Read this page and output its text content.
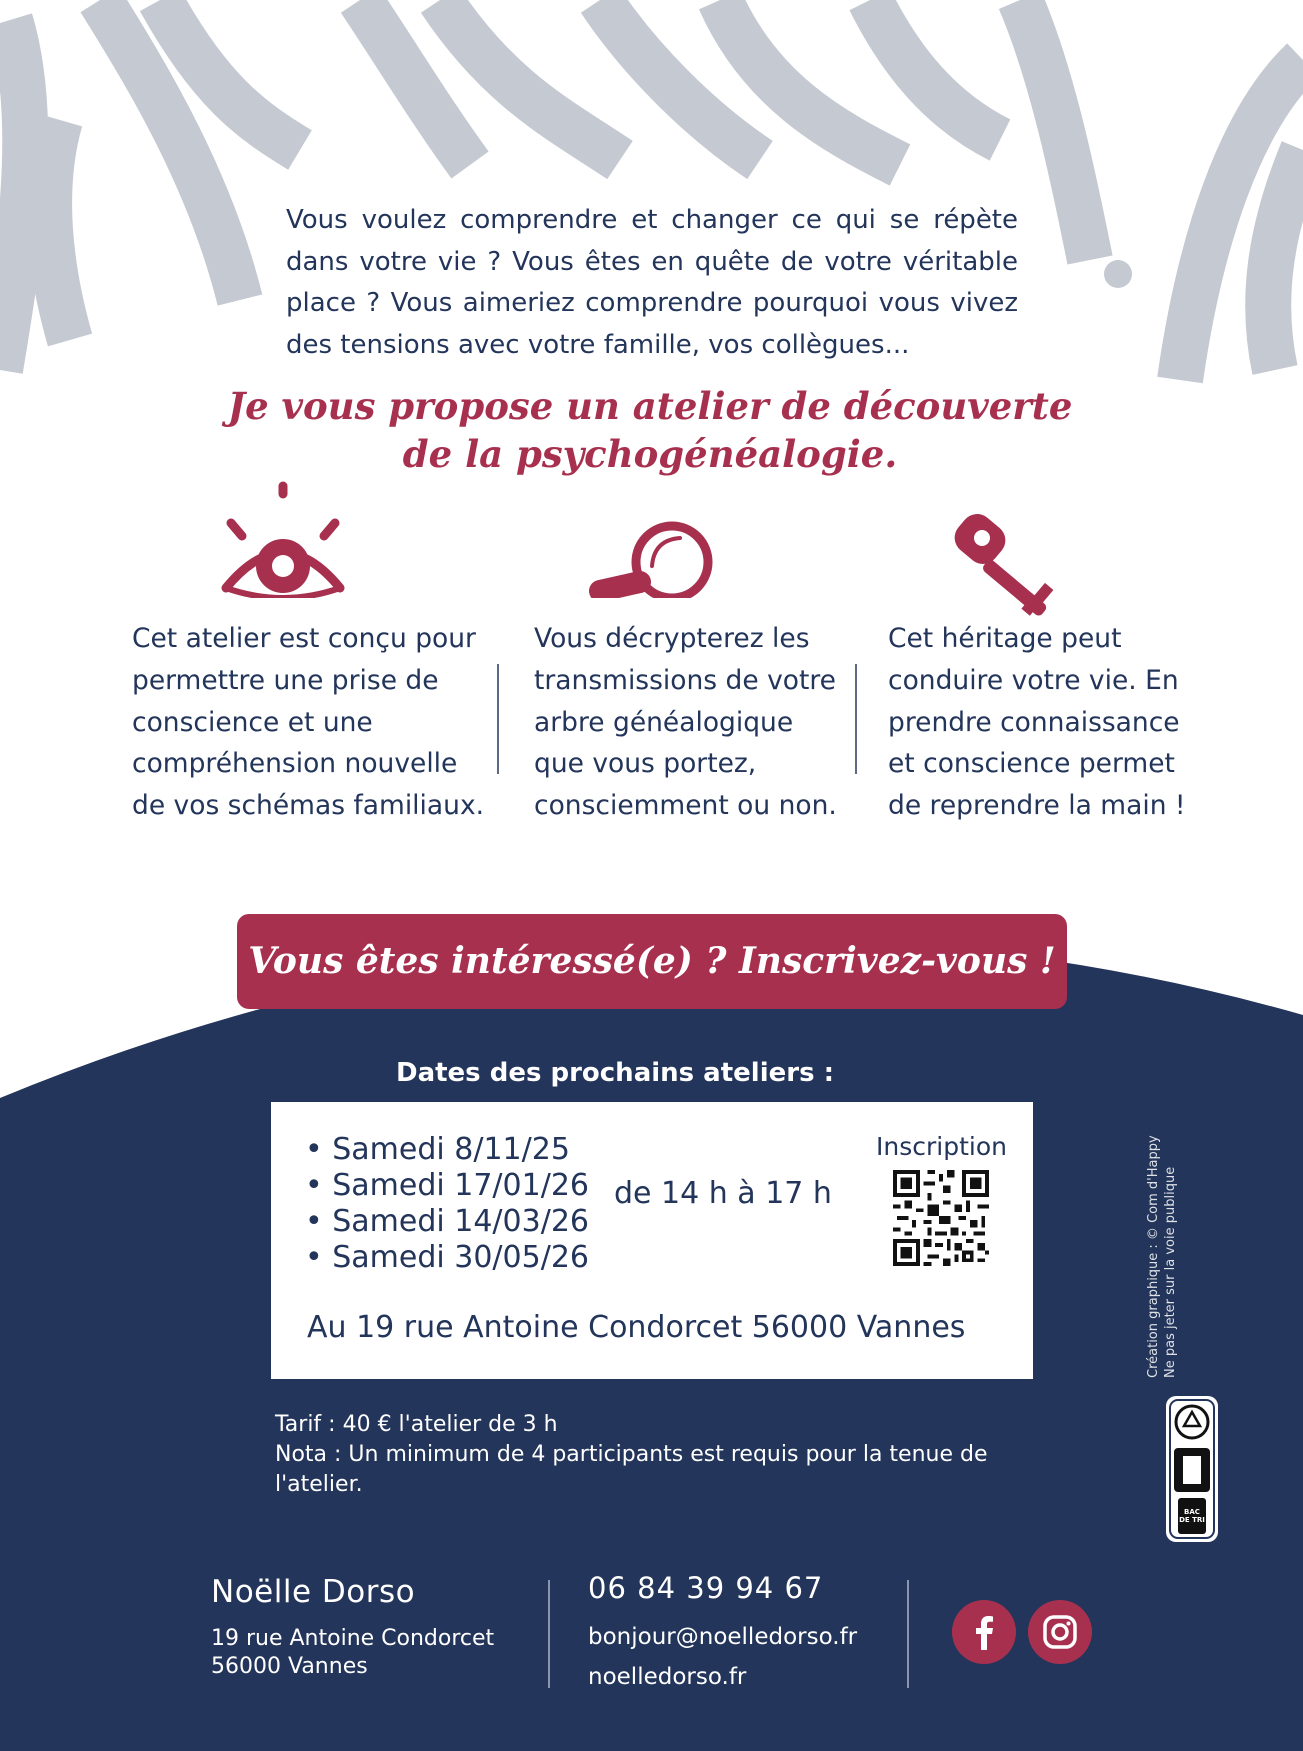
Vous voulez comprendre et changer ce qui se répète dans votre vie ? Vous êtes en quête de votre véritable place ? Vous aimeriez comprendre pourquoi vous vivez des tensions avec votre famille, vos collègues...
Je vous propose un atelier de découverte
de la psychogénéalogie.
Cet atelier est conçu pour
permettre une prise de
conscience et une
compréhension nouvelle
de vos schémas familiaux.
Vous décrypterez les
transmissions de votre
arbre généalogique
que vous portez,
consciemment ou non.
Cet héritage peut
conduire votre vie. En
prendre connaissance
et conscience permet
de reprendre la main !
Vous êtes intéressé(e) ? Inscrivez-vous !
Dates des prochains ateliers :
• Samedi 8/11/25
• Samedi 17/01/26
• Samedi 14/03/26
• Samedi 30/05/26
de 14 h à 17 h
Inscription
Au 19 rue Antoine Condorcet 56000 Vannes
Tarif : 40 € l'atelier de 3 h
Nota : Un minimum de 4 participants est requis pour la tenue de l'atelier.
Noëlle Dorso
19 rue Antoine Condorcet
56000 Vannes
06 84 39 94 67
bonjour@noelledorso.fr
noelledorso.fr
Création graphique : © Com d'Happy Ne pas jeter sur la voie publique
BAC DE TRI
